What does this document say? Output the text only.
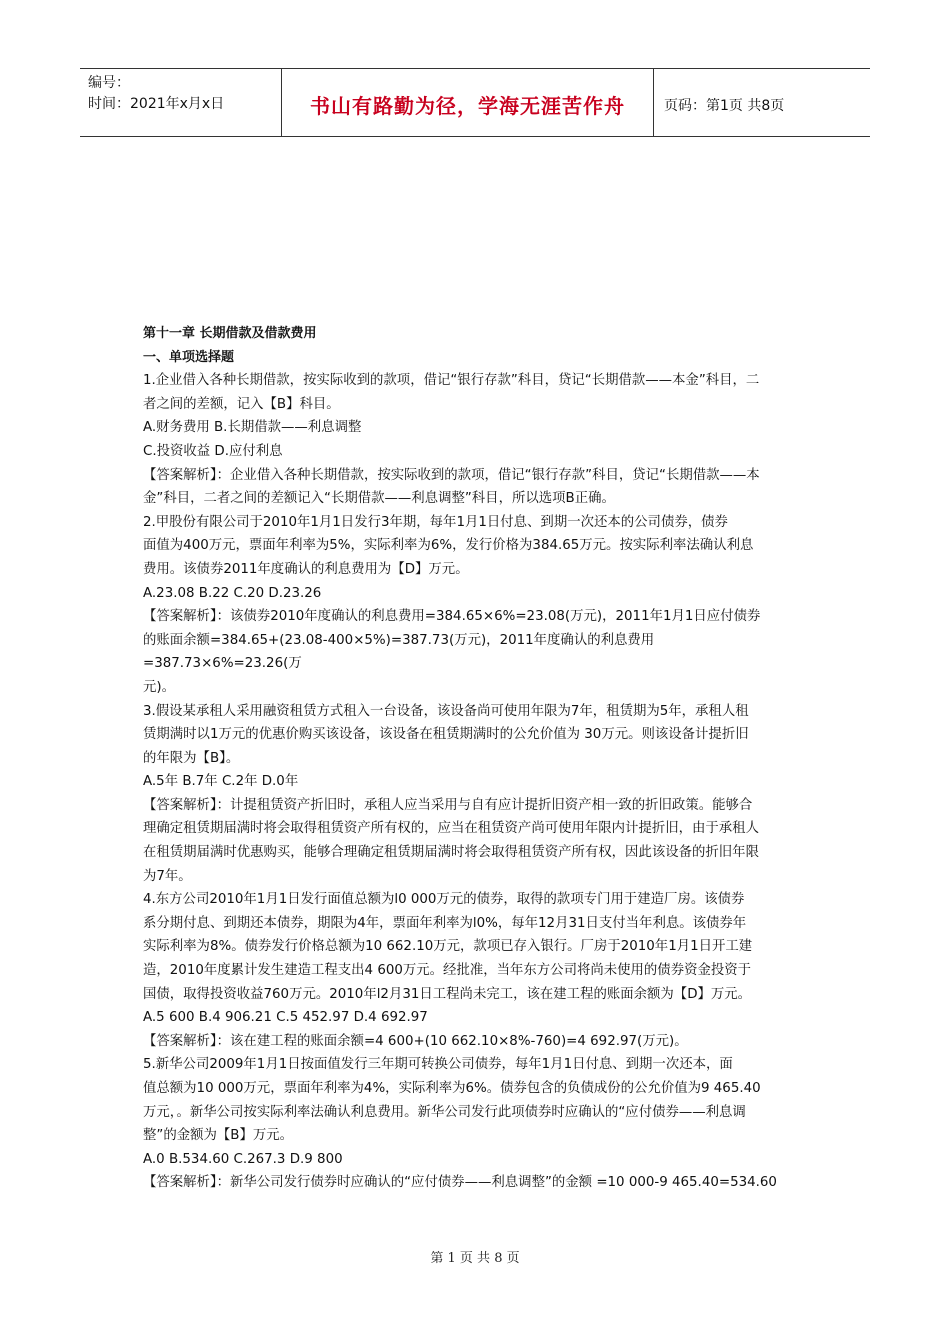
编号：
时间：2021年x月x日	书山有路勤为径，学海无涯苦作舟	页码：第1页 共8页

第十一章 长期借款及借款费用

一、单项选择题

1.企业借入各种长期借款，按实际收到的款项，借记“银行存款”科目，贷记“长期借款——本金”科目，二

者之间的差额，记入【B】科目。

A.财务费用 B.长期借款——利息调整

C.投资收益 D.应付利息

【答案解析】：企业借入各种长期借款，按实际收到的款项，借记“银行存款”科目，贷记“长期借款——本

金”科目，二者之间的差额记入“长期借款——利息调整”科目，所以选项B正确。

2.甲股份有限公司于2010年1月1日发行3年期，每年1月1日付息、到期一次还本的公司债券，债券

面值为400万元，票面年利率为5%，实际利率为6%，发行价格为384.65万元。按实际利率法确认利息

费用。该债券2011年度确认的利息费用为【D】万元。

A.23.08 B.22 C.20 D.23.26

【答案解析】：该债券2010年度确认的利息费用=384.65×6%=23.08(万元)，2011年1月1日应付债券

的账面余额=384.65+(23.08-400×5%)=387.73(万元)，2011年度确认的利息费用=387.73×6%=23.26(万

元)。

3.假设某承租人采用融资租赁方式租入一台设备，该设备尚可使用年限为7年，租赁期为5年，承租人租

赁期满时以1万元的优惠价购买该设备，该设备在租赁期满时的公允价值为 30万元。则该设备计提折旧

的年限为【B】。

A.5年 B.7年 C.2年 D.0年

【答案解析】：计提租赁资产折旧时，承租人应当采用与自有应计提折旧资产相一致的折旧政策。能够合

理确定租赁期届满时将会取得租赁资产所有权的，应当在租赁资产尚可使用年限内计提折旧，由于承租人

在租赁期届满时优惠购买，能够合理确定租赁期届满时将会取得租赁资产所有权，因此该设备的折旧年限

为7年。

4.东方公司2010年1月1日发行面值总额为l0 000万元的债券，取得的款项专门用于建造厂房。该债券

系分期付息、到期还本债券，期限为4年，票面年利率为l0%，每年12月31日支付当年利息。该债券年

实际利率为8%。债券发行价格总额为10 662.10万元，款项已存入银行。厂房于2010年1月1日开工建

造，2010年度累计发生建造工程支出4 600万元。经批准，当年东方公司将尚未使用的债券资金投资于

国债，取得投资收益760万元。2010年l2月31日工程尚未完工，该在建工程的账面余额为【D】万元。

A.5 600 B.4 906.21 C.5 452.97 D.4 692.97

【答案解析】：该在建工程的账面余额=4 600+(10 662.10×8%-760)=4 692.97(万元)。

5.新华公司2009年1月1日按面值发行三年期可转换公司债券，每年1月1日付息、到期一次还本，面

值总额为10 000万元，票面年利率为4%，实际利率为6%。债券包含的负债成份的公允价值为9 465.40

万元，。新华公司按实际利率法确认利息费用。新华公司发行此项债券时应确认的“应付债券——利息调

整”的金额为【B】万元。

A.0 B.534.60 C.267.3 D.9 800

【答案解析】：新华公司发行债券时应确认的“应付债券——利息调整”的金额 =10 000-9 465.40=534.60

第 1 页 共 8 页
